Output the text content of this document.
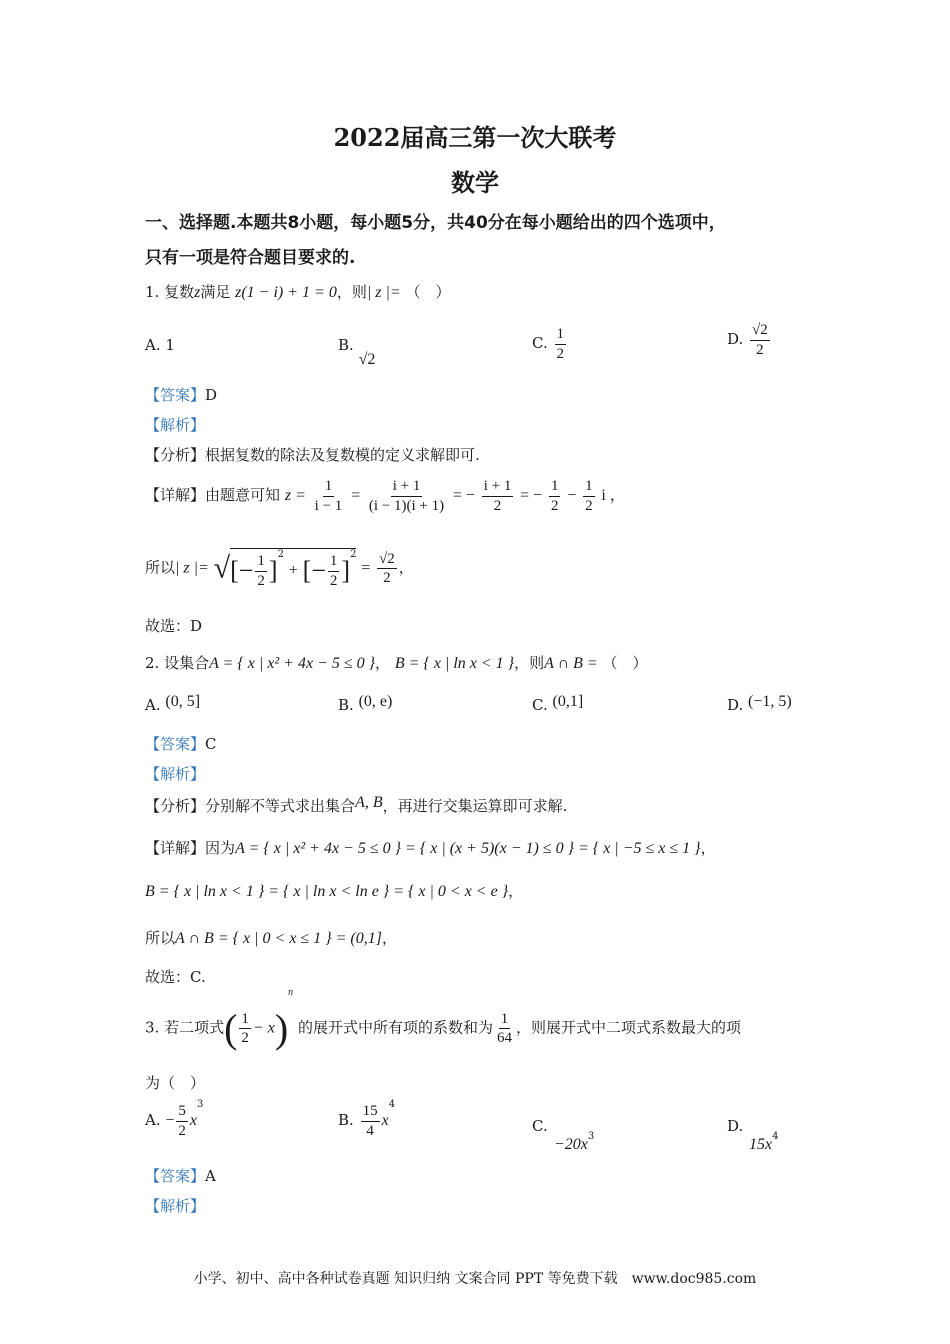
2022届高三第一次大联考
数学
一、选择题.本题共8小题，每小题5分，共40分在每小题给出的四个选项中，
只有一项是符合题目要求的.
1. 复数z满足 z(1 − i) + 1 = 0，则| z |= （　）
A. 1	B. √2
C. $\frac{1}{2}$	D. $\frac{√2}{2}$
【答案】D
【解析】
【分析】根据复数的除法及复数模的定义求解即可.
【详解】由题意可知 $z = \frac{1}{i - 1} = \frac{i + 1}{(i - 1)(i + 1)}$ = − $\frac{i + 1}{2}$ = − $\frac{1}{2} - \frac{1}{2}$ i ，
所以| z |= √[− $\frac{1}{2} ]^2$ + [− $\frac{1}{2} ]^2 = \frac{√2}{2}$ ，
故选：D
2. 设集合A = { x | x² + 4x − 5 ≤ 0 }， B = { x | ln x < 1 }，则A ∩ B = （　）
A. (0, 5]	B. (0, e)	C. (0,1]	D. (−1, 5)
【答案】C
【解析】
【分析】分别解不等式求出集合A, B，再进行交集运算即可求解.
【详解】因为A = { x | x² + 4x − 5 ≤ 0 } = { x | (x + 5)(x − 1) ≤ 0 } = { x | −5 ≤ x ≤ 1 }，
B = { x | ln x < 1 } = { x | ln x < ln e } = { x | 0 < x < e }，
所以A ∩ B = { x | 0 < x ≤ 1 } = (0,1]，
故选：C.
3. 若二项式( $\frac{1}{2} - x)^n$ 的展开式中所有项的系数和为 $\frac{1}{64}$ ，则展开式中二项式系数最大的项
为（　）
A. − $\frac{5}{2} x^3$
B. $\frac{15}{4} x^4$
C.
$-20x^3$
D.
$15x^4$
【答案】A
【解析】
小学、初中、高中各种试卷真题 知识归纳 文案合同 PPT 等免费下载　www.doc985.com
